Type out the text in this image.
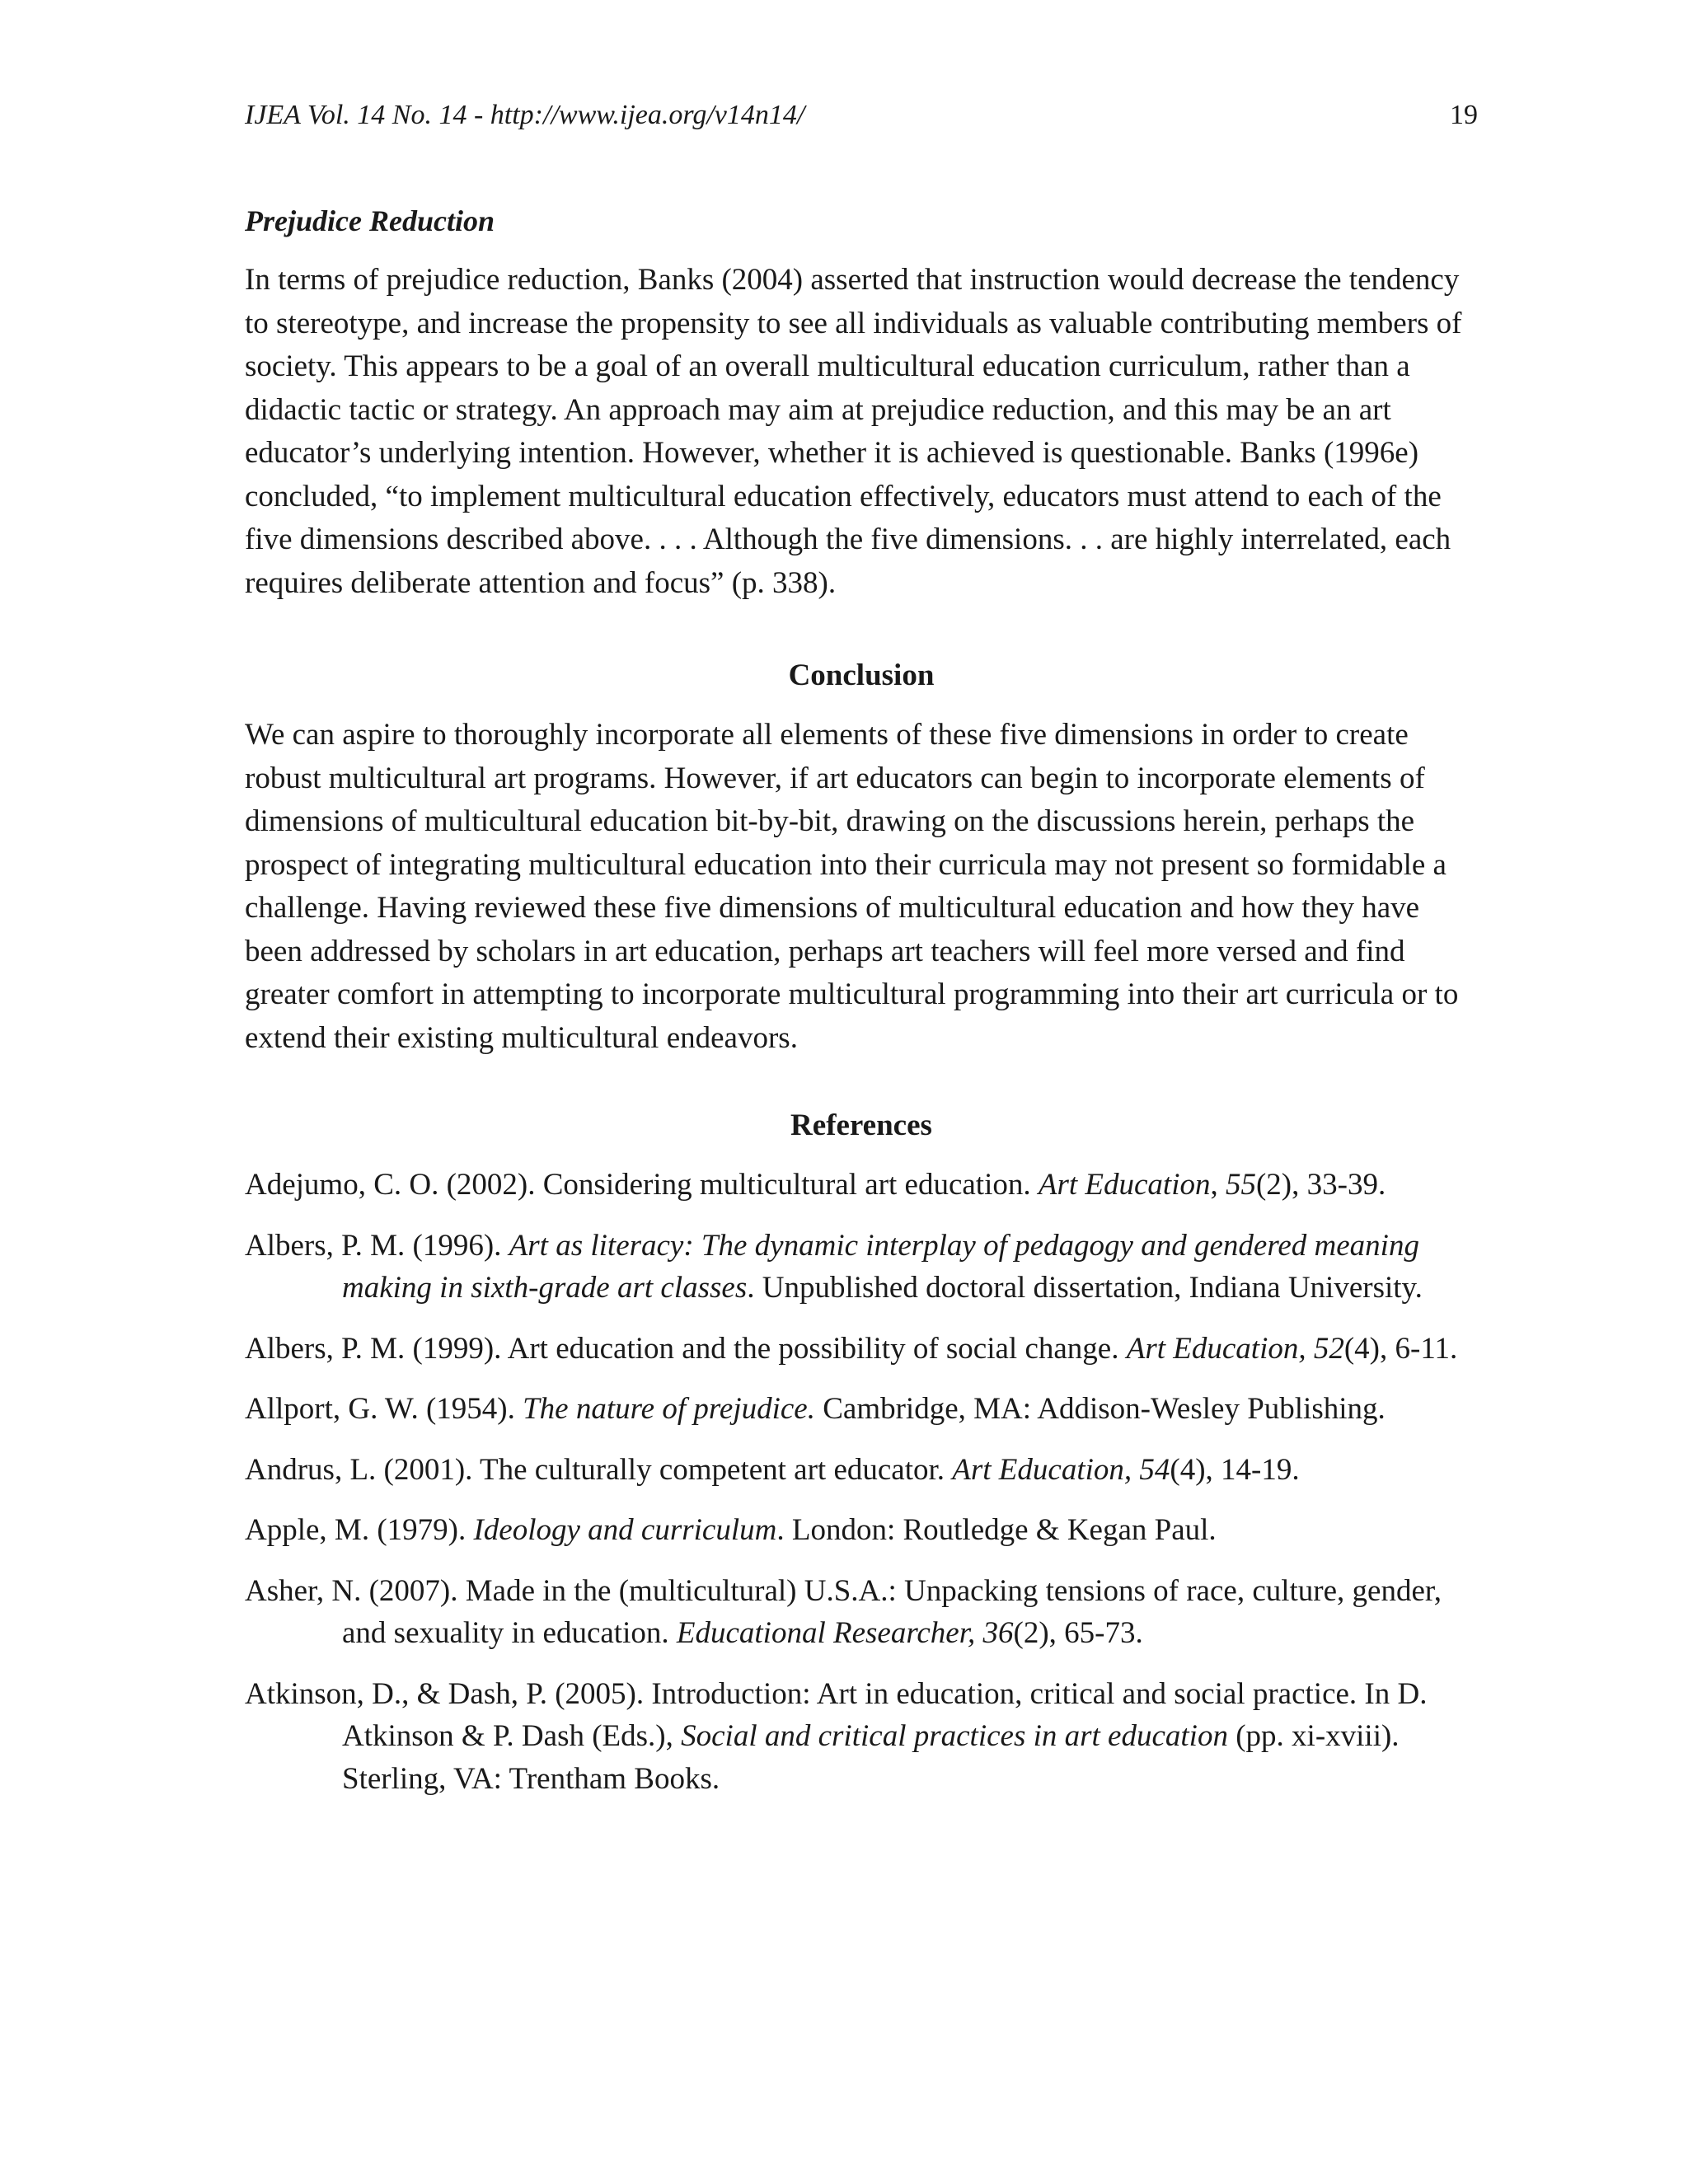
IJEA Vol. 14 No. 14 - http://www.ijea.org/v14n14/	19
Prejudice Reduction

In terms of prejudice reduction, Banks (2004) asserted that instruction would decrease the tendency to stereotype, and increase the propensity to see all individuals as valuable contributing members of society. This appears to be a goal of an overall multicultural education curriculum, rather than a didactic tactic or strategy. An approach may aim at prejudice reduction, and this may be an art educator’s underlying intention. However, whether it is achieved is questionable. Banks (1996e) concluded, “to implement multicultural education effectively, educators must attend to each of the five dimensions described above. . . . Although the five dimensions. . . are highly interrelated, each requires deliberate attention and focus” (p. 338).

Conclusion

We can aspire to thoroughly incorporate all elements of these five dimensions in order to create robust multicultural art programs. However, if art educators can begin to incorporate elements of dimensions of multicultural education bit-by-bit, drawing on the discussions herein, perhaps the prospect of integrating multicultural education into their curricula may not present so formidable a challenge. Having reviewed these five dimensions of multicultural education and how they have been addressed by scholars in art education, perhaps art teachers will feel more versed and find greater comfort in attempting to incorporate multicultural programming into their art curricula or to extend their existing multicultural endeavors.

References
Adejumo, C. O. (2002). Considering multicultural art education. Art Education, 55(2), 33-39.
Albers, P. M. (1996). Art as literacy: The dynamic interplay of pedagogy and gendered meaning making in sixth-grade art classes. Unpublished doctoral dissertation, Indiana University.
Albers, P. M. (1999). Art education and the possibility of social change. Art Education, 52(4), 6-11.
Allport, G. W. (1954). The nature of prejudice. Cambridge, MA: Addison-Wesley Publishing.
Andrus, L. (2001). The culturally competent art educator. Art Education, 54(4), 14-19.
Apple, M. (1979). Ideology and curriculum. London: Routledge & Kegan Paul.
Asher, N. (2007). Made in the (multicultural) U.S.A.: Unpacking tensions of race, culture, gender, and sexuality in education. Educational Researcher, 36(2), 65-73.
Atkinson, D., & Dash, P. (2005). Introduction: Art in education, critical and social practice. In D. Atkinson & P. Dash (Eds.), Social and critical practices in art education (pp. xi-xviii). Sterling, VA: Trentham Books.
